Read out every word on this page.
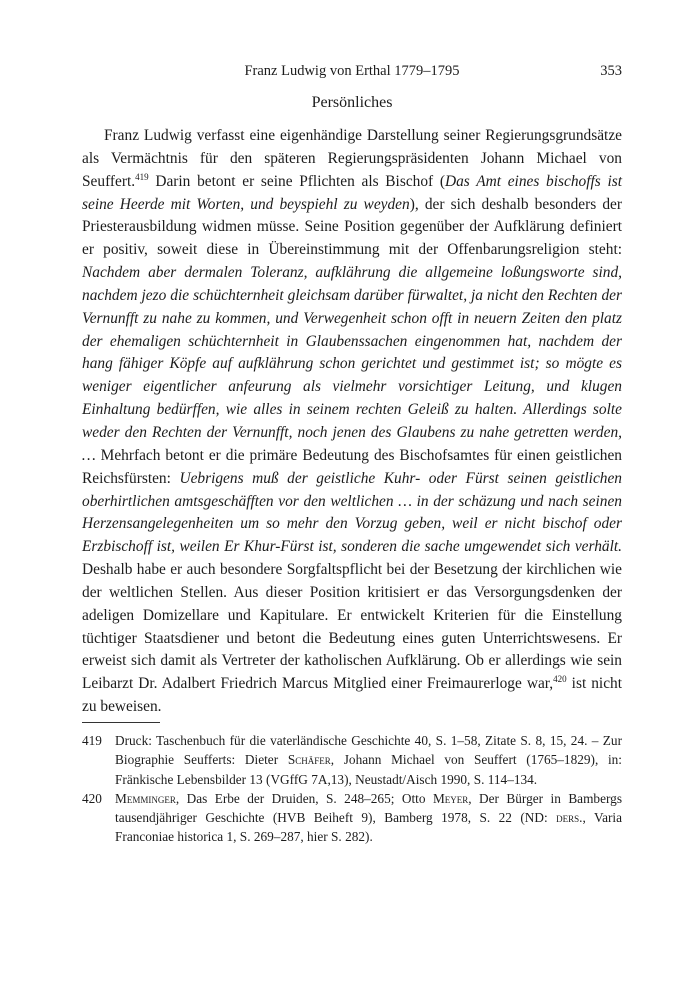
Franz Ludwig von Erthal 1779–1795	353
Persönliches

Franz Ludwig verfasst eine eigenhändige Darstellung seiner Regierungsgrundsätze als Vermächtnis für den späteren Regierungspräsidenten Johann Michael von Seuffert.$^{419}$ Darin betont er seine Pflichten als Bischof (Das Amt eines bischoffs ist seine Heerde mit Worten, und beyspiehl zu weyden), der sich deshalb besonders der Priesterausbildung widmen müsse. Seine Position gegenüber der Aufklärung definiert er positiv, soweit diese in Übereinstimmung mit der Offenbarungsreligion steht: Nachdem aber dermalen Toleranz, aufklährung die allgemeine loßungsworte sind, nachdem jezo die schüchternheit gleichsam darüber fürwaltet, ja nicht den Rechten der Vernunfft zu nahe zu kommen, und Verwegenheit schon offt in neuern Zeiten den platz der ehemaligen schüchternheit in Glaubenssachen eingenommen hat, nachdem der hang fähiger Köpfe auf aufklährung schon gerichtet und gestimmet ist; so mögte es weniger eigentlicher anfeurung als vielmehr vorsichtiger Leitung, und klugen Einhaltung bedürffen, wie alles in seinem rechten Geleiß zu halten. Allerdings solte weder den Rechten der Vernunfft, noch jenen des Glaubens zu nahe getretten werden, … Mehrfach betont er die primäre Bedeutung des Bischofsamtes für einen geistlichen Reichsfürsten: Uebrigens muß der geistliche Kuhr- oder Fürst seinen geistlichen oberhirtlichen amtsgeschäfften vor den weltlichen … in der schäzung und nach seinen Herzensangelegenheiten um so mehr den Vorzug geben, weil er nicht bischof oder Erzbischoff ist, weilen Er Khur-Fürst ist, sonderen die sache umgewendet sich verhält. Deshalb habe er auch besondere Sorgfaltspflicht bei der Besetzung der kirchlichen wie der weltlichen Stellen. Aus dieser Position kritisiert er das Versorgungsdenken der adeligen Domizellare und Kapitulare. Er entwickelt Kriterien für die Einstellung tüchtiger Staatsdiener und betont die Bedeutung eines guten Unterrichtswesens. Er erweist sich damit als Vertreter der katholischen Aufklärung. Ob er allerdings wie sein Leibarzt Dr. Adalbert Friedrich Marcus Mitglied einer Freimaurerloge war,$^{420}$ ist nicht zu beweisen.

419 Druck: Taschenbuch für die vaterländische Geschichte 40, S. 1–58, Zitate S. 8, 15, 24. – Zur Biographie Seufferts: Dieter Schäfer, Johann Michael von Seuffert (1765–1829), in: Fränkische Lebensbilder 13 (VGffG 7A,13), Neustadt/Aisch 1990, S. 114–134.
420 Memminger, Das Erbe der Druiden, S. 248–265; Otto Meyer, Der Bürger in Bambergs tausendjähriger Geschichte (HVB Beiheft 9), Bamberg 1978, S. 22 (ND: ders., Varia Franconiae historica 1, S. 269–287, hier S. 282).
